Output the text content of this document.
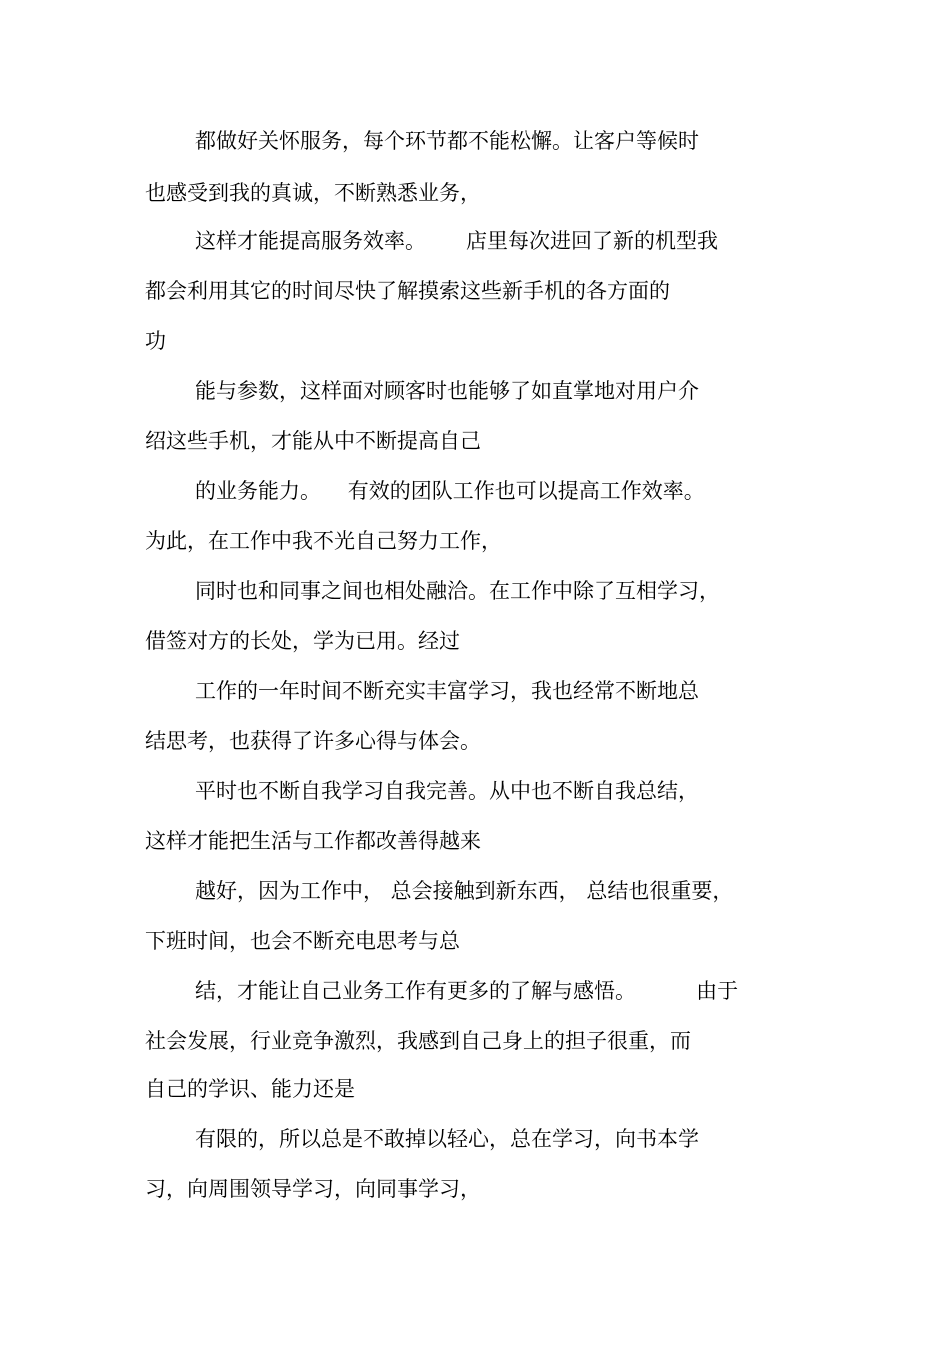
都做好关怀服务，每个环节都不能松懈。让客户等候时
也感受到我的真诚，不断熟悉业务，
这样才能提高服务效率。      店里每次进回了新的机型我
都会利用其它的时间尽快了解摸索这些新手机的各方面的
功
能与参数，这样面对顾客时也能够了如直掌地对用户介
绍这些手机，才能从中不断提高自己
的业务能力。    有效的团队工作也可以提高工作效率。
为此，在工作中我不光自己努力工作，
同时也和同事之间也相处融洽。在工作中除了互相学习，
借签对方的长处，学为已用。经过
工作的一年时间不断充实丰富学习，我也经常不断地总
结思考，也获得了许多心得与体会。
平时也不断自我学习自我完善。从中也不断自我总结，
这样才能把生活与工作都改善得越来
越好，因为工作中， 总会接触到新东西， 总结也很重要，
下班时间，也会不断充电思考与总
结，才能让自己业务工作有更多的了解与感悟。         由于
社会发展，行业竞争激烈，我感到自己身上的担子很重，而
自己的学识、能力还是
有限的，所以总是不敢掉以轻心，总在学习，向书本学
习，向周围领导学习，向同事学习，
